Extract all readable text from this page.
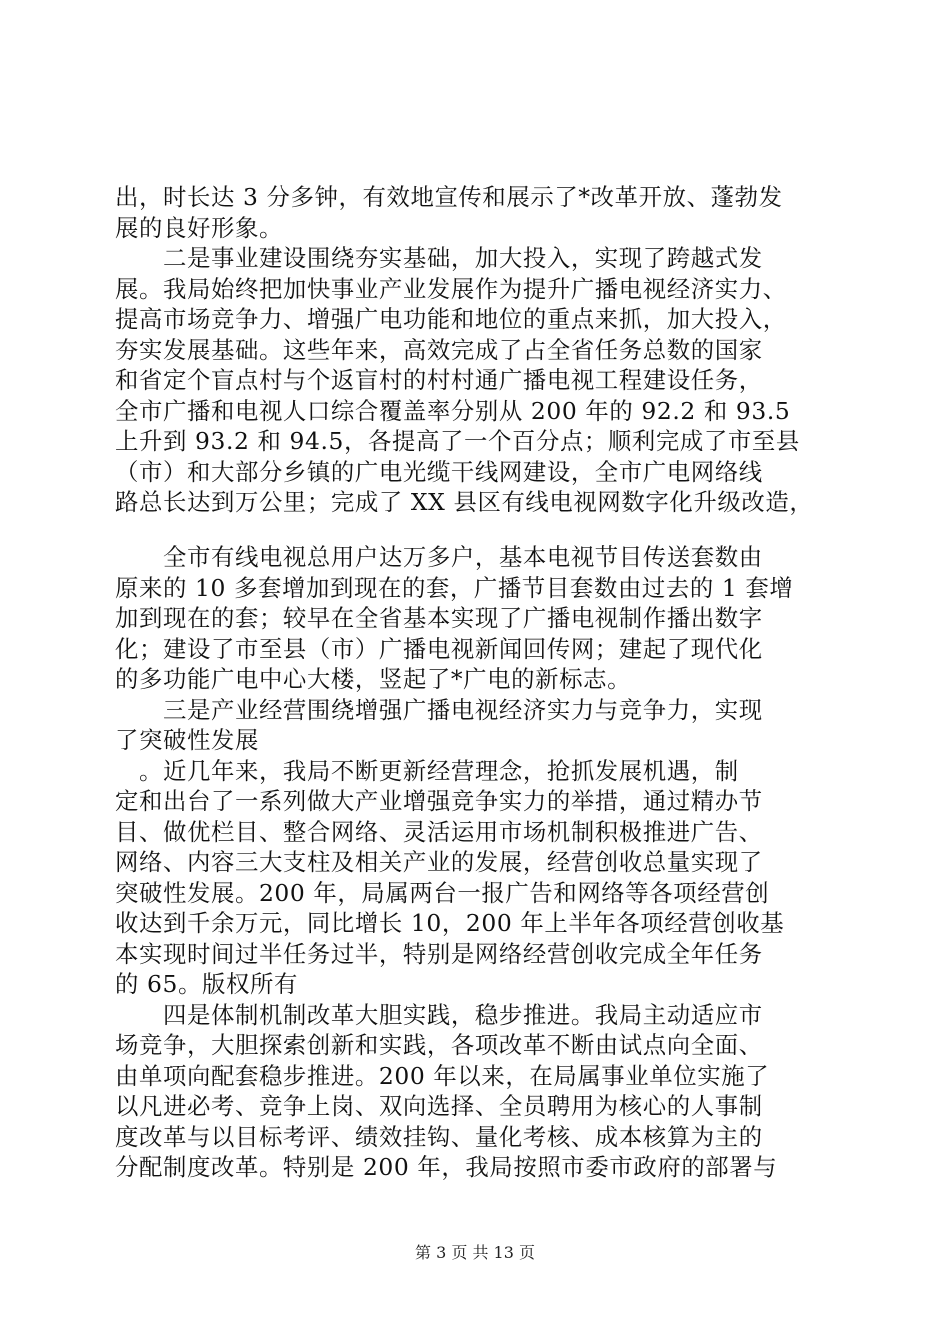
出，时长达 3 分多钟，有效地宣传和展示了*改革开放、蓬勃发
展的良好形象。
　　二是事业建设围绕夯实基础，加大投入，实现了跨越式发
展。我局始终把加快事业产业发展作为提升广播电视经济实力、
提高市场竞争力、增强广电功能和地位的重点来抓，加大投入，
夯实发展基础。这些年来，高效完成了占全省任务总数的国家
和省定个盲点村与个返盲村的村村通广播电视工程建设任务，
全市广播和电视人口综合覆盖率分别从 200 年的 92.2 和 93.5
上升到 93.2 和 94.5，各提高了一个百分点；顺利完成了市至县
（市）和大部分乡镇的广电光缆干线网建设，全市广电网络线
路总长达到万公里；完成了 XX 县区有线电视网数字化升级改造，
　　全市有线电视总用户达万多户，基本电视节目传送套数由
原来的 10 多套增加到现在的套，广播节目套数由过去的 1 套增
加到现在的套；较早在全省基本实现了广播电视制作播出数字
化；建设了市至县（市）广播电视新闻回传网；建起了现代化
的多功能广电中心大楼，竖起了*广电的新标志。
　　三是产业经营围绕增强广播电视经济实力与竞争力，实现
了突破性发展
　。近几年来，我局不断更新经营理念，抢抓发展机遇，制
定和出台了一系列做大产业增强竞争实力的举措，通过精办节
目、做优栏目、整合网络、灵活运用市场机制积极推进广告、
网络、内容三大支柱及相关产业的发展，经营创收总量实现了
突破性发展。200 年，局属两台一报广告和网络等各项经营创
收达到千余万元，同比增长 10，200 年上半年各项经营创收基
本实现时间过半任务过半，特别是网络经营创收完成全年任务
的 65。版权所有
　　四是体制机制改革大胆实践，稳步推进。我局主动适应市
场竞争，大胆探索创新和实践，各项改革不断由试点向全面、
由单项向配套稳步推进。200 年以来，在局属事业单位实施了
以凡进必考、竞争上岗、双向选择、全员聘用为核心的人事制
度改革与以目标考评、绩效挂钩、量化考核、成本核算为主的
分配制度改革。特别是 200 年，我局按照市委市政府的部署与
第 3 页 共 13 页
